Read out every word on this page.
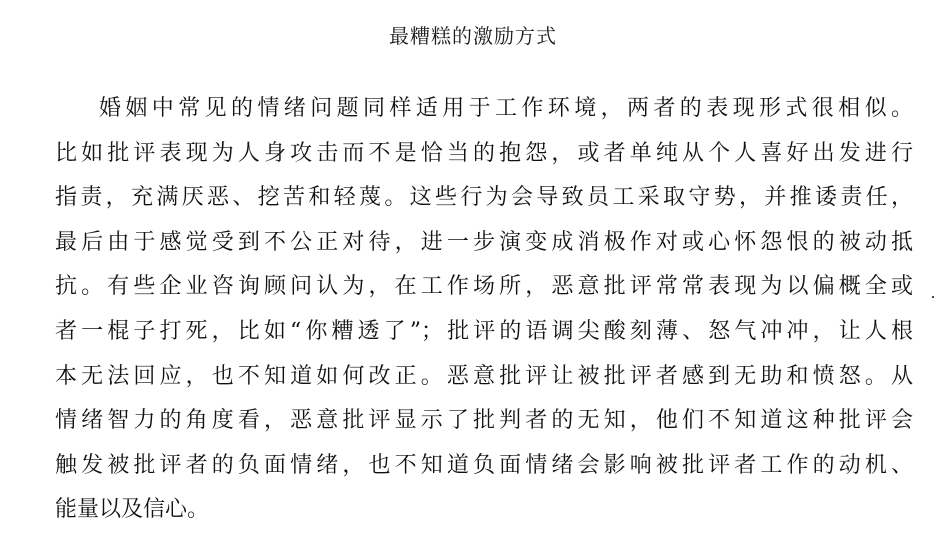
最糟糕的激励方式
婚姻中常见的情绪问题同样适用于工作环境，两者的表现形式很相似。
比如批评表现为人身攻击而不是恰当的抱怨，或者单纯从个人喜好出发进行
指责，充满厌恶、挖苦和轻蔑。这些行为会导致员工采取守势，并推诿责任，
最后由于感觉受到不公正对待，进一步演变成消极作对或心怀怨恨的被动抵
抗。有些企业咨询顾问认为，在工作场所，恶意批评常常表现为以偏概全或
者一棍子打死，比如“你糟透了”；批评的语调尖酸刻薄、怒气冲冲，让人根
本无法回应，也不知道如何改正。恶意批评让被批评者感到无助和愤怒。从
情绪智力的角度看，恶意批评显示了批判者的无知，他们不知道这种批评会
触发被批评者的负面情绪，也不知道负面情绪会影响被批评者工作的动机、
能量以及信心。
